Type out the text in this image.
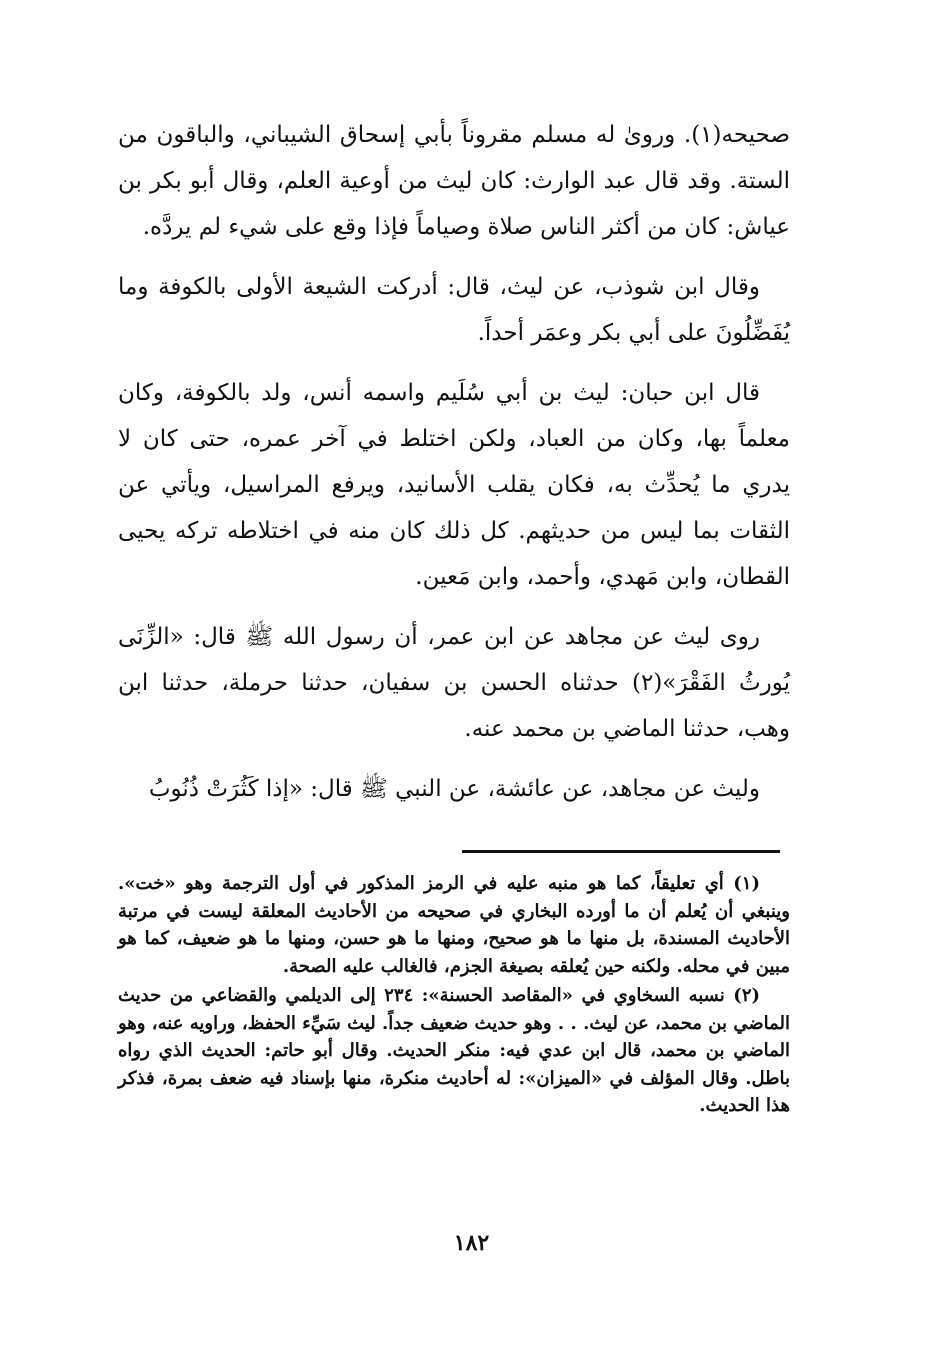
صحيحه(١). وروىٰ له مسلم مقروناً بأبي إسحاق الشيباني، والباقون من الستة. وقد قال عبد الوارث: كان ليث من أوعية العلم، وقال أبو بكر بن عياش: كان من أكثر الناس صلاة وصياماً فإذا وقع على شيء لم يردَّه.

وقال ابن شوذب، عن ليث، قال: أدركت الشيعة الأولى بالكوفة وما يُفَضِّلُونَ على أبي بكر وعمَر أحداً.

قال ابن حبان: ليث بن أبي سُلَيم واسمه أنس، ولد بالكوفة، وكان معلماً بها، وكان من العباد، ولكن اختلط في آخر عمره، حتى كان لا يدري ما يُحدِّث به، فكان يقلب الأسانيد، ويرفع المراسيل، ويأتي عن الثقات بما ليس من حديثهم. كل ذلك كان منه في اختلاطه تركه يحيى القطان، وابن مَهدي، وأحمد، وابن مَعين.

روى ليث عن مجاهد عن ابن عمر، أن رسول الله ﷺ قال: «الزِّنَى يُورثُ الفَقْرَ»(٢) حدثناه الحسن بن سفيان، حدثنا حرملة، حدثنا ابن وهب، حدثنا الماضي بن محمد عنه.

وليث عن مجاهد، عن عائشة، عن النبي ﷺ قال: «إذا كَثُرَتْ ذُنُوبُ

(١) أي تعليقاً، كما هو منبه عليه في الرمز المذكور في أول الترجمة وهو «خت». وينبغي أن يُعلم أن ما أورده البخاري في صحيحه من الأحاديث المعلقة ليست في مرتبة الأحاديث المسندة، بل منها ما هو صحيح، ومنها ما هو حسن، ومنها ما هو ضعيف، كما هو مبين في محله. ولكنه حين يُعلقه بصيغة الجزم، فالغالب عليه الصحة.

(٢) نسبه السخاوي في «المقاصد الحسنة»: ٢٣٤ إلى الديلمي والقضاعي من حديث الماضي بن محمد، عن ليث. . . وهو حديث ضعيف جداً. ليث سَيِّء الحفظ، وراويه عنه، وهو الماضي بن محمد، قال ابن عدي فيه: منكر الحديث. وقال أبو حاتم: الحديث الذي رواه باطل. وقال المؤلف في «الميزان»: له أحاديث منكرة، منها بإسناد فيه ضعف بمرة، فذكر هذا الحديث.

١٨٢
